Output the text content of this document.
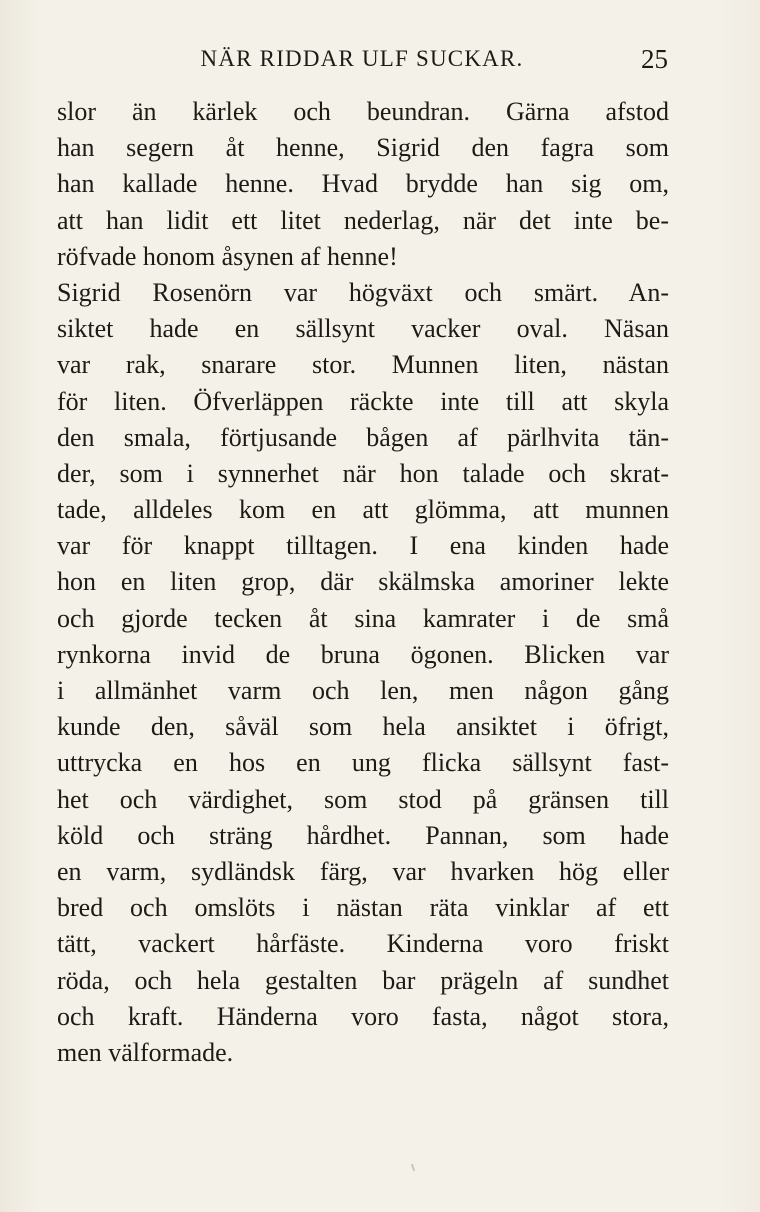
NÄR RIDDAR ULF SUCKAR.	25
slor än kärlek och beundran. Gärna afstod
han segern åt henne, Sigrid den fagra som
han kallade henne. Hvad brydde han sig om,
att han lidit ett litet nederlag, när det inte be-
röfvade honom åsynen af henne!
Sigrid Rosenörn var högväxt och smärt. An-
siktet hade en sällsynt vacker oval. Näsan
var rak, snarare stor. Munnen liten, nästan
för liten. Öfverläppen räckte inte till att skyla
den smala, förtjusande bågen af pärlhvita tän-
der, som i synnerhet när hon talade och skrat-
tade, alldeles kom en att glömma, att munnen
var för knappt tilltagen. I ena kinden hade
hon en liten grop, där skälmska amoriner lekte
och gjorde tecken åt sina kamrater i de små
rynkorna invid de bruna ögonen. Blicken var
i allmänhet varm och len, men någon gång
kunde den, såväl som hela ansiktet i öfrigt,
uttrycka en hos en ung flicka sällsynt fast-
het och värdighet, som stod på gränsen till
köld och sträng hårdhet. Pannan, som hade
en varm, sydländsk färg, var hvarken hög eller
bred och omslöts i nästan räta vinklar af ett
tätt, vackert hårfäste. Kinderna voro friskt
röda, och hela gestalten bar prägeln af sundhet
och kraft. Händerna voro fasta, något stora,
men välformade.
